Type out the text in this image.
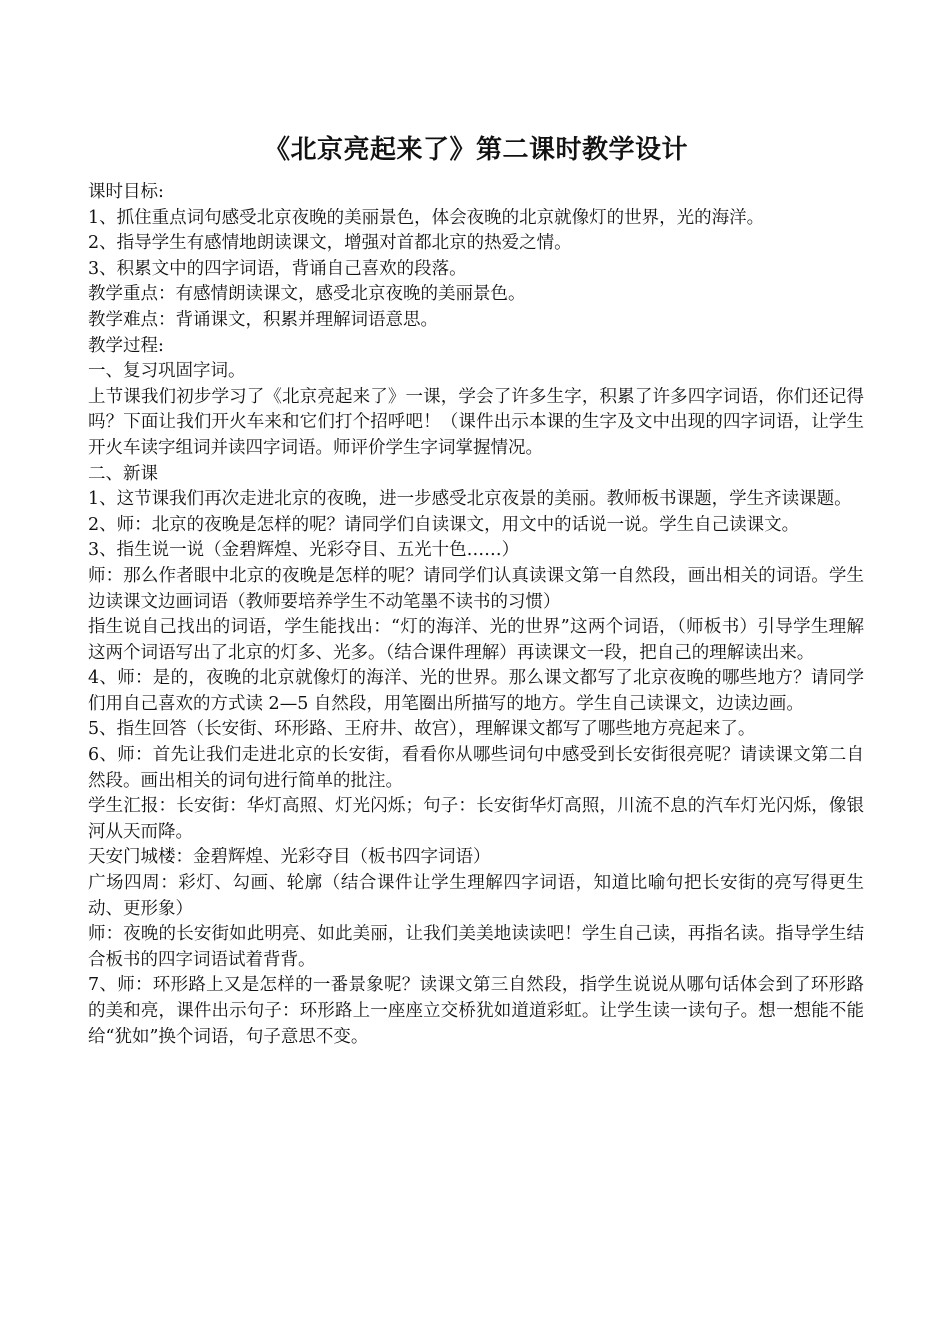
《北京亮起来了》第二课时教学设计

课时目标:

1、抓住重点词句感受北京夜晚的美丽景色，体会夜晚的北京就像灯的世界，光的海洋。

2、指导学生有感情地朗读课文，增强对首都北京的热爱之情。

3、积累文中的四字词语，背诵自己喜欢的段落。

教学重点：有感情朗读课文，感受北京夜晚的美丽景色。

教学难点：背诵课文，积累并理解词语意思。

教学过程:

一、复习巩固字词。

上节课我们初步学习了《北京亮起来了》一课，学会了许多生字，积累了许多四字词语，你们还记得吗？下面让我们开火车来和它们打个招呼吧！（课件出示本课的生字及文中出现的四字词语，让学生开火车读字组词并读四字词语。师评价学生字词掌握情况。

二、新课

1、这节课我们再次走进北京的夜晚，进一步感受北京夜景的美丽。教师板书课题，学生齐读课题。

2、师：北京的夜晚是怎样的呢？请同学们自读课文，用文中的话说一说。学生自己读课文。

3、指生说一说（金碧辉煌、光彩夺目、五光十色……）

师：那么作者眼中北京的夜晚是怎样的呢？请同学们认真读课文第一自然段，画出相关的词语。学生边读课文边画词语（教师要培养学生不动笔墨不读书的习惯）

指生说自己找出的词语，学生能找出：“灯的海洋、光的世界”这两个词语，（师板书）引导学生理解这两个词语写出了北京的灯多、光多。（结合课件理解）再读课文一段，把自己的理解读出来。

4、师：是的，夜晚的北京就像灯的海洋、光的世界。那么课文都写了北京夜晚的哪些地方？请同学们用自己喜欢的方式读 2—5 自然段，用笔圈出所描写的地方。学生自己读课文，边读边画。

5、指生回答（长安街、环形路、王府井、故宫），理解课文都写了哪些地方亮起来了。

6、师：首先让我们走进北京的长安街，看看你从哪些词句中感受到长安街很亮呢？请读课文第二自然段。画出相关的词句进行简单的批注。

学生汇报：长安街：华灯高照、灯光闪烁；句子：长安街华灯高照，川流不息的汽车灯光闪烁，像银河从天而降。

天安门城楼：金碧辉煌、光彩夺目（板书四字词语）

广场四周：彩灯、勾画、轮廓（结合课件让学生理解四字词语，知道比喻句把长安街的亮写得更生动、更形象）

师：夜晚的长安街如此明亮、如此美丽，让我们美美地读读吧！学生自己读，再指名读。指导学生结合板书的四字词语试着背背。

7、师：环形路上又是怎样的一番景象呢？读课文第三自然段，指学生说说从哪句话体会到了环形路的美和亮，课件出示句子：环形路上一座座立交桥犹如道道彩虹。让学生读一读句子。想一想能不能给“犹如”换个词语，句子意思不变。
